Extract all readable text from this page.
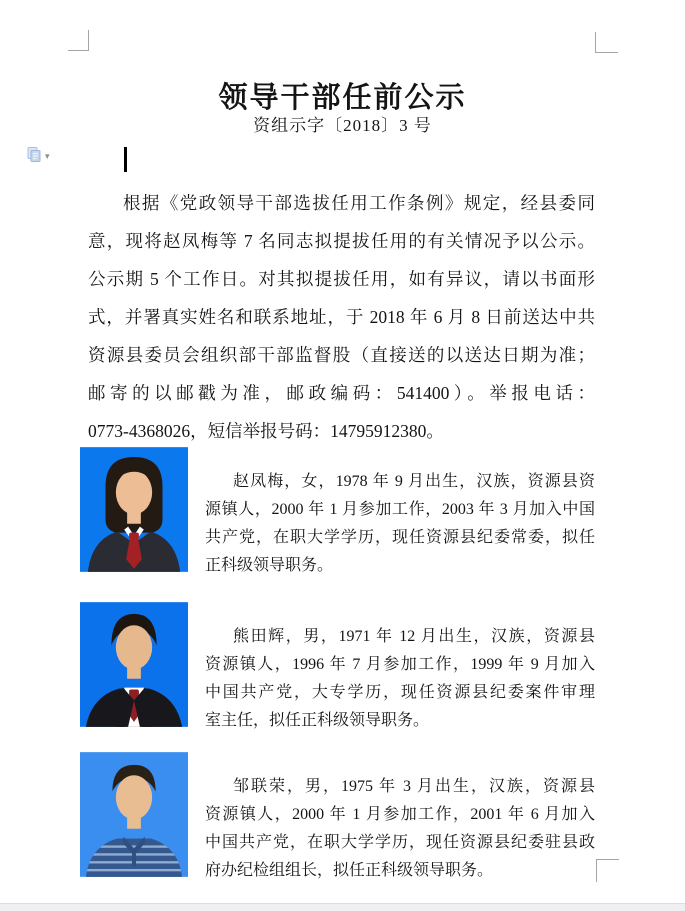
领导干部任前公示
资组示字〔2018〕3 号
▾
根据《党政领导干部选拔任用工作条例》规定，经县委同
意，现将赵凤梅等 7 名同志拟提拔任用的有关情况予以公示。
公示期 5 个工作日。对其拟提拔任用，如有异议，请以书面形
式，并署真实姓名和联系地址，于 2018 年 6 月 8 日前送达中共
资源县委员会组织部干部监督股（直接送的以送达日期为准；
邮寄的以邮戳为准，邮政编码：541400）。举报电话：
0773-4368026，短信举报号码：14795912380。
赵凤梅，女，1978 年 9 月出生，汉族，资源县资
源镇人，2000 年 1 月参加工作，2003 年 3 月加入中国
共产党，在职大学学历，现任资源县纪委常委，拟任
正科级领导职务。
熊田辉，男，1971 年 12 月出生，汉族，资源县
资源镇人，1996 年 7 月参加工作，1999 年 9 月加入
中国共产党，大专学历，现任资源县纪委案件审理
室主任，拟任正科级领导职务。
邹联荣，男，1975 年 3 月出生，汉族，资源县
资源镇人，2000 年 1 月参加工作，2001 年 6 月加入
中国共产党，在职大学学历，现任资源县纪委驻县政
府办纪检组组长，拟任正科级领导职务。
